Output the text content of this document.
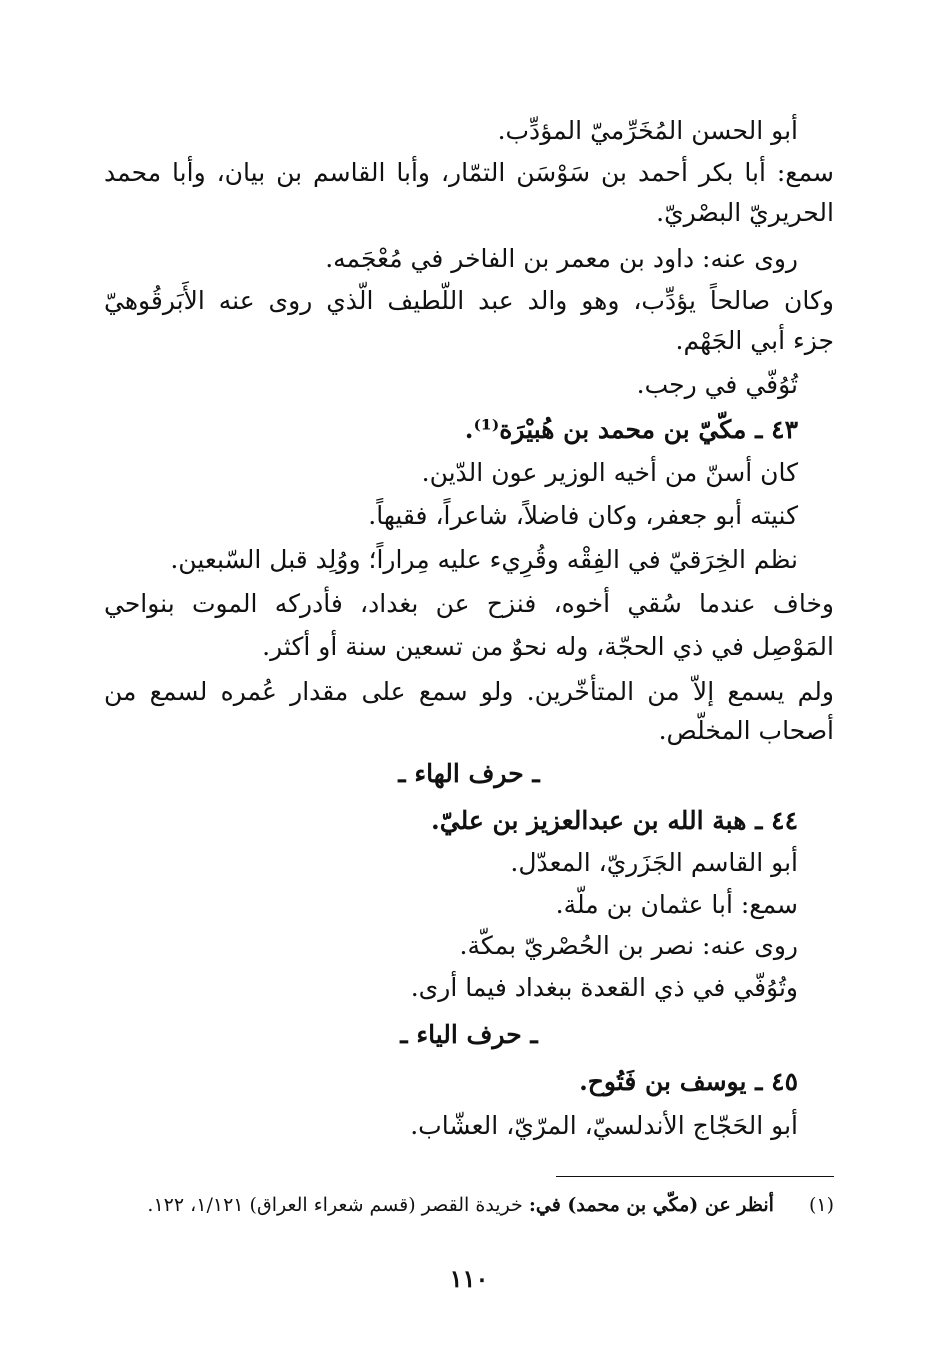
أبو الحسن المُخَرِّميّ المؤدِّب.
سمع: أبا بكر أحمد بن سَوْسَن التمّار، وأبا القاسم بن بيان، وأبا محمد
الحريريّ البصْريّ.
روى عنه: داود بن معمر بن الفاخر في مُعْجَمه.
وكان صالحاً يؤدِّب، وهو والد عبد اللّطيف الّذي روى عنه الأَبَرقُوهيّ
جزء أبي الجَهْم.
تُوُفّي في رجب.
٤٣ ـ مكّيّ بن محمد بن هُبيْرَة⁽¹⁾.
كان أسنّ من أخيه الوزير عون الدّين.
كنيته أبو جعفر، وكان فاضلاً، شاعراً، فقيهاً.
نظم الخِرَقيّ في الفِقْه وقُرِيء عليه مِراراً؛ ووُلِد قبل السّبعين.
وخاف عندما سُقي أخوه، فنزح عن بغداد، فأدركه الموت بنواحي
المَوْصِل في ذي الحجّة، وله نحوٌ من تسعين سنة أو أكثر.
ولم يسمع إلاّ من المتأخّرين. ولو سمع على مقدار عُمره لسمع من
أصحاب المخلّص.
ـ حرف الهاء ـ
٤٤ ـ هبة الله بن عبدالعزيز بن عليّ.
أبو القاسم الجَزَريّ، المعدّل.
سمع: أبا عثمان بن ملّة.
روى عنه: نصر بن الحُصْريّ بمكّة.
وتُوُفّي في ذي القعدة ببغداد فيما أرى.
ـ حرف الياء ـ
٤٥ ـ يوسف بن فَتُوح.
أبو الحَجّاج الأندلسيّ، المرّيّ، العشّاب.
(١) أنظر عن (مكّي بن محمد) في: خريدة القصر (قسم شعراء العراق) ١/١٢١، ١٢٢.
١١٠
